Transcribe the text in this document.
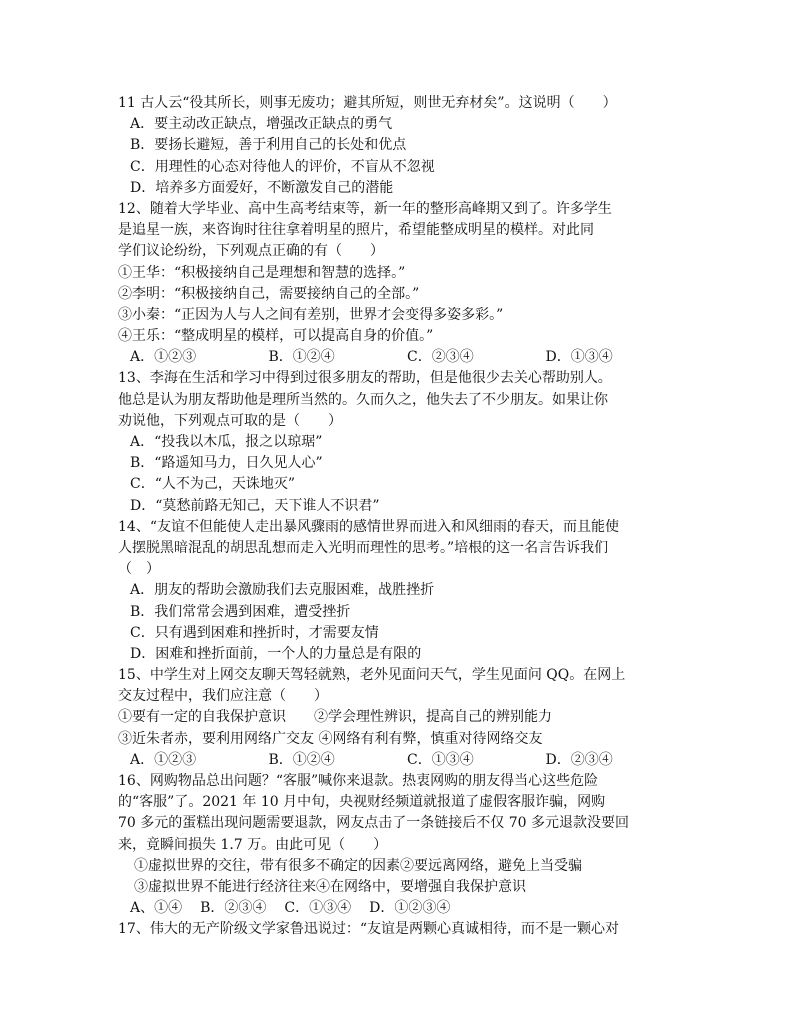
11 古人云“役其所长，则事无废功；避其所短，则世无弃材矣”。这说明（　　）
A．要主动改正缺点，增强改正缺点的勇气
B．要扬长避短，善于利用自己的长处和优点
C．用理性的心态对待他人的评价，不盲从不忽视
D．培养多方面爱好，不断激发自己的潜能
12、随着大学毕业、高中生高考结束等，新一年的整形高峰期又到了。许多学生
是追星一族，来咨询时往往拿着明星的照片，希望能整成明星的模样。对此同
学们议论纷纷，下列观点正确的有（　　）
①王华：“积极接纳自己是理想和智慧的选择。”
②李明：“积极接纳自己，需要接纳自己的全部。”
③小秦：“正因为人与人之间有差别，世界才会变得多姿多彩。”
④王乐：“整成明星的模样，可以提高自身的价值。”
A．①②③	B．①②④	C．②③④	D．①③④
13、李海在生活和学习中得到过很多朋友的帮助，但是他很少去关心帮助别人。
他总是认为朋友帮助他是理所当然的。久而久之，他失去了不少朋友。如果让你
劝说他，下列观点可取的是（　　）
A．“投我以木瓜，报之以琼琚”
B．“路遥知马力，日久见人心”
C．“人不为己，天诛地灭”
D．“莫愁前路无知己，天下谁人不识君”
14、“友谊不但能使人走出暴风骤雨的感情世界而进入和风细雨的春天，而且能使
人摆脱黑暗混乱的胡思乱想而走入光明而理性的思考。”培根的这一名言告诉我们
（　）
A．朋友的帮助会激励我们去克服困难，战胜挫折
B．我们常常会遇到困难，遭受挫折
C．只有遇到困难和挫折时，才需要友情
D．困难和挫折面前，一个人的力量总是有限的
15、中学生对上网交友聊天驾轻就熟，老外见面问天气，学生见面问 QQ。在网上
交友过程中，我们应注意（　　）
①要有一定的自我保护意识　　②学会理性辨识，提高自己的辨别能力
③近朱者赤，要利用网络广交友 ④网络有利有弊，慎重对待网络交友
A．①②③	B．①②④	C．①③④	D．②③④
16、网购物品总出问题？“客服”喊你来退款。热衷网购的朋友得当心这些危险
的“客服”了。2021 年 10 月中旬，央视财经频道就报道了虚假客服诈骗，网购
70 多元的蛋糕出现问题需要退款，网友点击了一条链接后不仅 70 多元退款没要回
来，竟瞬间损失 1.7 万。由此可见（　　）
①虚拟世界的交往，带有很多不确定的因素②要远离网络，避免上当受骗
③虚拟世界不能进行经济往来④在网络中，要增强自我保护意识
A、①④ B．②③④ C．①③④ D．①②③④
17、伟大的无产阶级文学家鲁迅说过：“友谊是两颗心真诚相待，而不是一颗心对
